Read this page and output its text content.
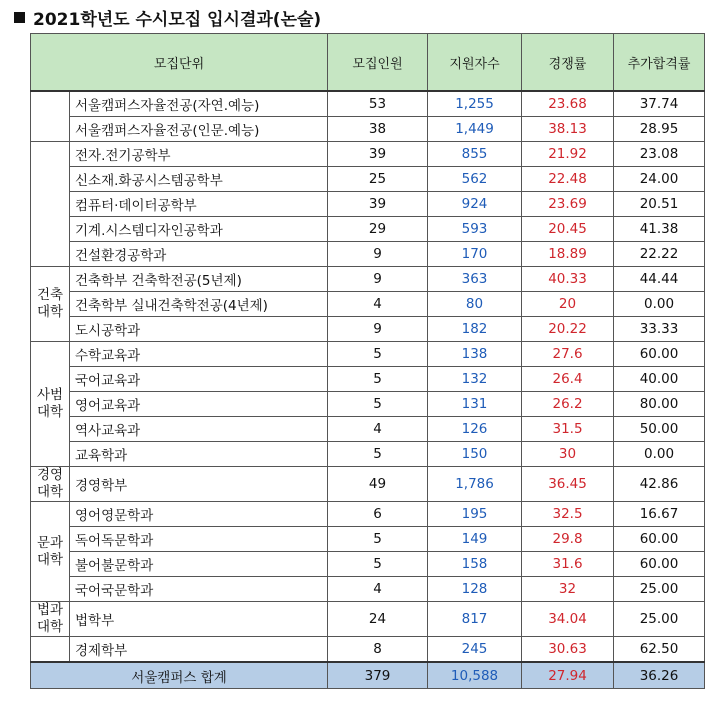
2021학년도 수시모집 입시결과(논술)
모집단위		모집인원	지원자수	경쟁률	추가합격률
	서울캠퍼스자율전공(자연.예능)	53	1,255	23.68	37.74
	서울캠퍼스자율전공(인문.예능)	38	1,449	38.13	28.95
	전자.전기공학부	39	855	21.92	23.08
	신소재.화공시스템공학부	25	562	22.48	24.00
	컴퓨터·데이터공학부	39	924	23.69	20.51
	기계.시스템디자인공학과	29	593	20.45	41.38
	건설환경공학과	9	170	18.89	22.22
건축대학	건축학부 건축학전공(5년제)	9	363	40.33	44.44
	건축학부 실내건축학전공(4년제)	4	80	20	0.00
	도시공학과	9	182	20.22	33.33
사범대학	수학교육과	5	138	27.6	60.00
	국어교육과	5	132	26.4	40.00
	영어교육과	5	131	26.2	80.00
	역사교육과	4	126	31.5	50.00
	교육학과	5	150	30	0.00
경영대학	경영학부	49	1,786	36.45	42.86
문과대학	영어영문학과	6	195	32.5	16.67
	독어독문학과	5	149	29.8	60.00
	불어불문학과	5	158	31.6	60.00
	국어국문학과	4	128	32	25.00
법과대학	법학부	24	817	34.04	25.00
	경제학부	8	245	30.63	62.50
서울캠퍼스 합계		379	10,588	27.94	36.26
